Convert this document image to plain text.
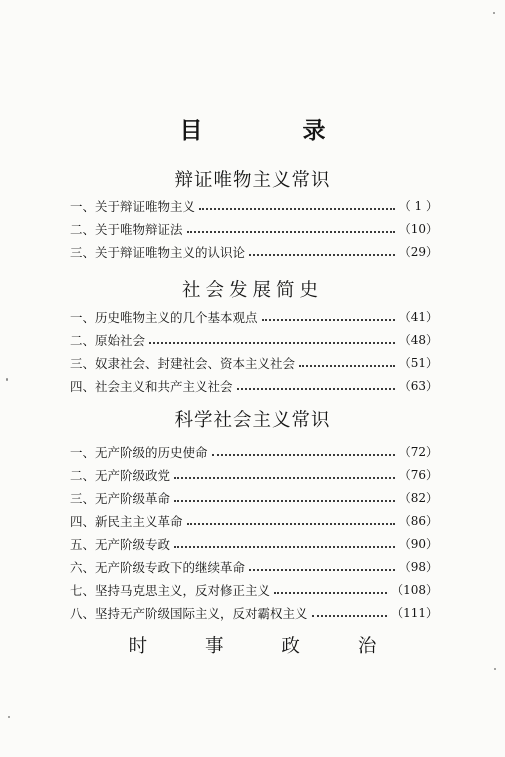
目 录
辩证唯物主义常识
一、 关于辩证唯物主义	（ 1 ）
二、 关于唯物辩证法	（10）
三、 关于辩证唯物主义的认识论	（29）
社会发展简史
一、 历史唯物主义的几个基本观点	（41）
二、 原始社会	（48）
三、 奴隶社会、封建社会、资本主义社会	（51）
四、 社会主义和共产主义社会	（63）
科学社会主义常识
一、 无产阶级的历史使命	（72）
二、 无产阶级政党	（76）
三、 无产阶级革命	（82）
四、 新民主主义革命	（86）
五、 无产阶级专政	（90）
六、 无产阶级专政下的继续革命	（98）
七、 坚持马克思主义，反对修正主义	（108）
八、 坚持无产阶级国际主义，反对霸权主义	（111）
时 事 政 治
